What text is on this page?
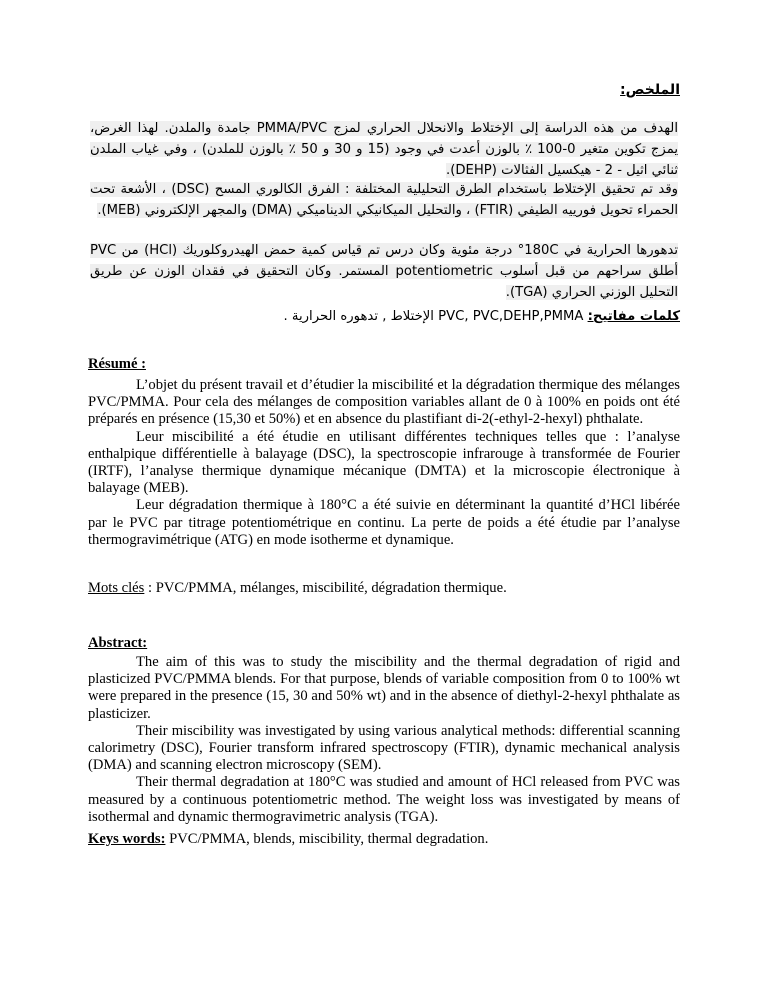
الملخص:

الهدف من هذه الدراسة إلى الإختلاط والانحلال الحراري لمزج PMMA/PVC جامدة والملدن. لهذا الغرض، يمزج تكوين متغير 0-100 ٪ بالوزن أعدت في وجود (15 و 30 و 50 ٪ بالوزن للملدن) ، وفي غياب الملدن ثنائي اثيل - 2 - هيكسيل الفثالات (DEHP).

وقد تم تحقيق الإختلاط باستخدام الطرق التحليلية المختلفة : الفرق الكالوري المسح (DSC) ، الأشعة تحت الحمراء تحويل فورييه الطيفي (FTIR) ، والتحليل الميكانيكي الديناميكي (DMA) والمجهر الإلكتروني (MEB).

تدهورها الحرارية في 180C° درجة مئوية وكان درس تم قياس كمية حمض الهيدروكلوريك (HCl) من PVC أطلق سراحهم من قبل أسلوب potentiometric المستمر. وكان التحقيق في فقدان الوزن عن طريق التحليل الوزني الحراري (TGA).

كلمات مفاتيح: PVC, PVC,DEHP,PMMA الإختلاط , تدهوره الحرارية .
Résumé :

L’objet du présent travail et d’étudier la miscibilité et la dégradation thermique des mélanges PVC/PMMA. Pour cela des mélanges de composition variables allant de 0 à 100% en poids ont été préparés en présence (15,30 et 50%) et en absence du plastifiant di-2(-ethyl-2-hexyl) phthalate.

Leur miscibilité a été étudie en utilisant différentes techniques telles que : l’analyse enthalpique différentielle à balayage (DSC), la spectroscopie infrarouge à transformée de Fourier (IRTF), l’analyse thermique dynamique mécanique (DMTA) et la microscopie électronique à balayage (MEB).

Leur dégradation thermique à 180°C a été suivie en déterminant la quantité d’HCl libérée par le PVC par titrage potentiométrique en continu. La perte de poids a été étudie par l’analyse thermogravimétrique (ATG) en mode isotherme et dynamique.

Mots clés : PVC/PMMA, mélanges, miscibilité, dégradation thermique.
Abstract:

The aim of this was to study the miscibility and the thermal degradation of rigid and plasticized PVC/PMMA blends. For that purpose, blends of variable composition from 0 to 100% wt were prepared in the presence (15, 30 and 50% wt) and in the absence of diethyl-2-hexyl phthalate as plasticizer.

Their miscibility was investigated by using various analytical methods: differential scanning calorimetry (DSC), Fourier transform infrared spectroscopy (FTIR), dynamic mechanical analysis (DMA) and scanning electron microscopy (SEM).

Their thermal degradation at 180°C was studied and amount of HCl released from PVC was measured by a continuous potentiometric method. The weight loss was investigated by means of isothermal and dynamic thermogravimetric analysis (TGA).

Keys words: PVC/PMMA, blends, miscibility, thermal degradation.
